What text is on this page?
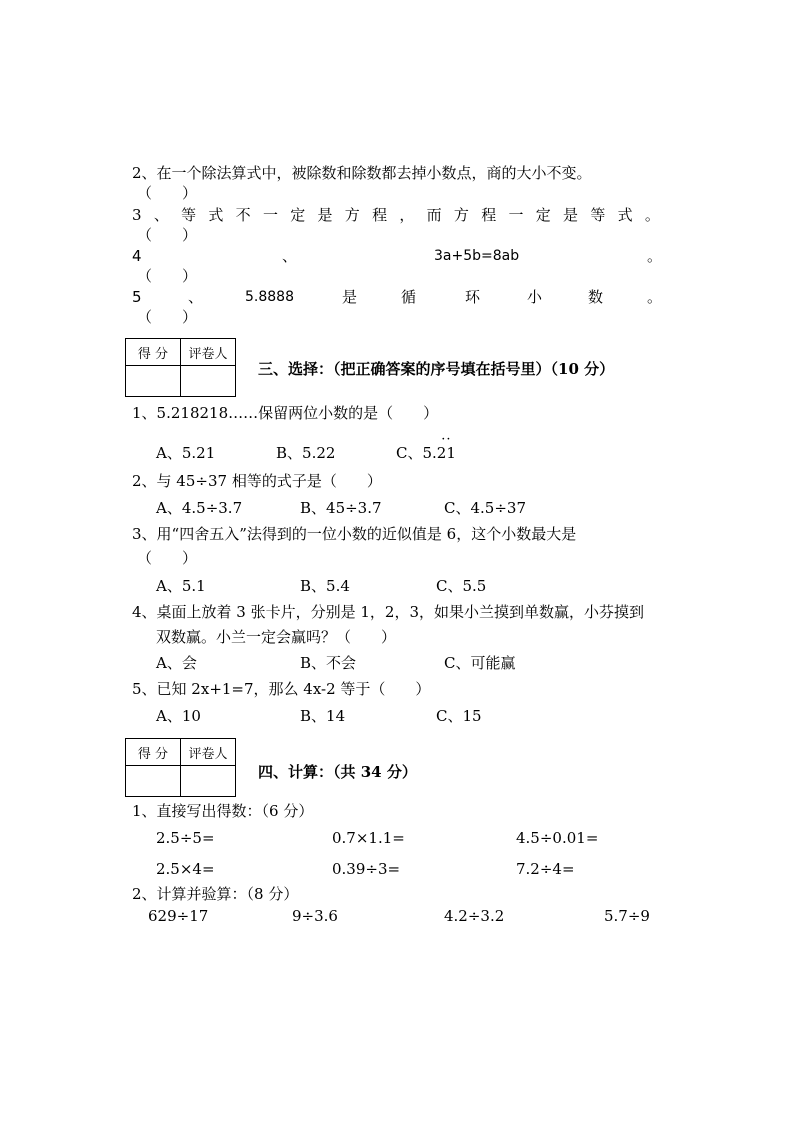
2、在一个除法算式中，被除数和除数都去掉小数点，商的大小不变。
（　　）
3 、 等 式 不 一 定 是 方 程 ， 而 方 程 一 定 是 等 式 。
（　　）
4	、	3a+5b=8ab	。
（　　）
5	、	5.8888	是	循	环	小	数	。
（　　）
得 分	评卷人

三、选择：（把正确答案的序号填在括号里）（10 分）
1、5.218218……保留两位小数的是（　　）
A、5.21	B、5.22	C、5.
··
21
2、与 45÷37 相等的式子是（　　）
A、4.5÷3.7	B、45÷3.7	C、4.5÷37
3、用“四舍五入”法得到的一位小数的近似值是 6，这个小数最大是
（　　）
A、5.1	B、5.4	C、5.5
4、桌面上放着 3 张卡片，分别是 1，2，3，如果小兰摸到单数赢，小芬摸到
双数赢。小兰一定会赢吗？（　　）
A、会	B、不会	C、可能赢
5、已知 2x+1=7，那么 4x-2 等于（　　）
A、10	B、14	C、15
得 分	评卷人

四、计算：（共 34 分）
1、直接写出得数：（6 分）
2.5÷5=	0.7×1.1=	4.5÷0.01=
2.5×4=	0.39÷3=	7.2÷4=
2、计算并验算：（8 分）
629÷17	9÷3.6	4.2÷3.2	5.7÷9
